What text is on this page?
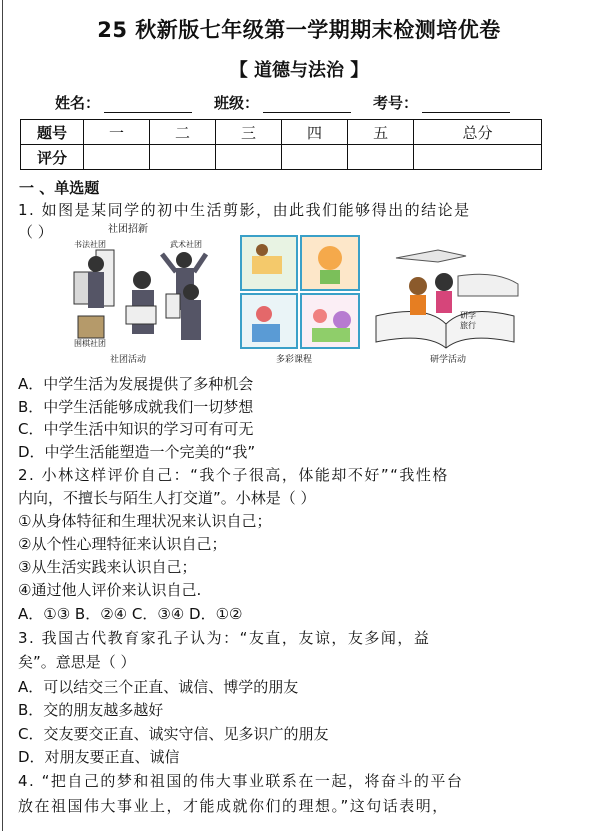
25 秋新版七年级第一学期期末检测培优卷
【 道德与法治 】
姓名：	班级：	考号：
题号	一	二	三	四	五	总分
评分						
一 、单选题
1. 如图是某同学的初中生活剪影，由此我们能够得出的结论是
（ ）
社团活动
社团招新
书法社团	武术社团
围棋社团
多彩课程
研学
旅行
研学活动
A．中学生活为发展提供了多种机会
B．中学生活能够成就我们一切梦想
C．中学生活中知识的学习可有可无
D．中学生活能塑造一个完美的“我”
2. 小林这样评价自己：“我个子很高，体能却不好”“我性格
内向，不擅长与陌生人打交道”。小林是（ ）
①从身体特征和生理状况来认识自己；
②从个性心理特征来认识自己；
③从生活实践来认识自己；
④通过他人评价来认识自己.
A．①③ B．②④ C．③④ D．①②
3. 我国古代教育家孔子认为：“友直，友谅，友多闻，益
矣”。意思是（ ）
A．可以结交三个正直、诚信、博学的朋友
B．交的朋友越多越好
C．交友要交正直、诚实守信、见多识广的朋友
D．对朋友要正直、诚信
4. “把自己的梦和祖国的伟大事业联系在一起，将奋斗的平台
放在祖国伟大事业上，才能成就你们的理想。”这句话表明，
